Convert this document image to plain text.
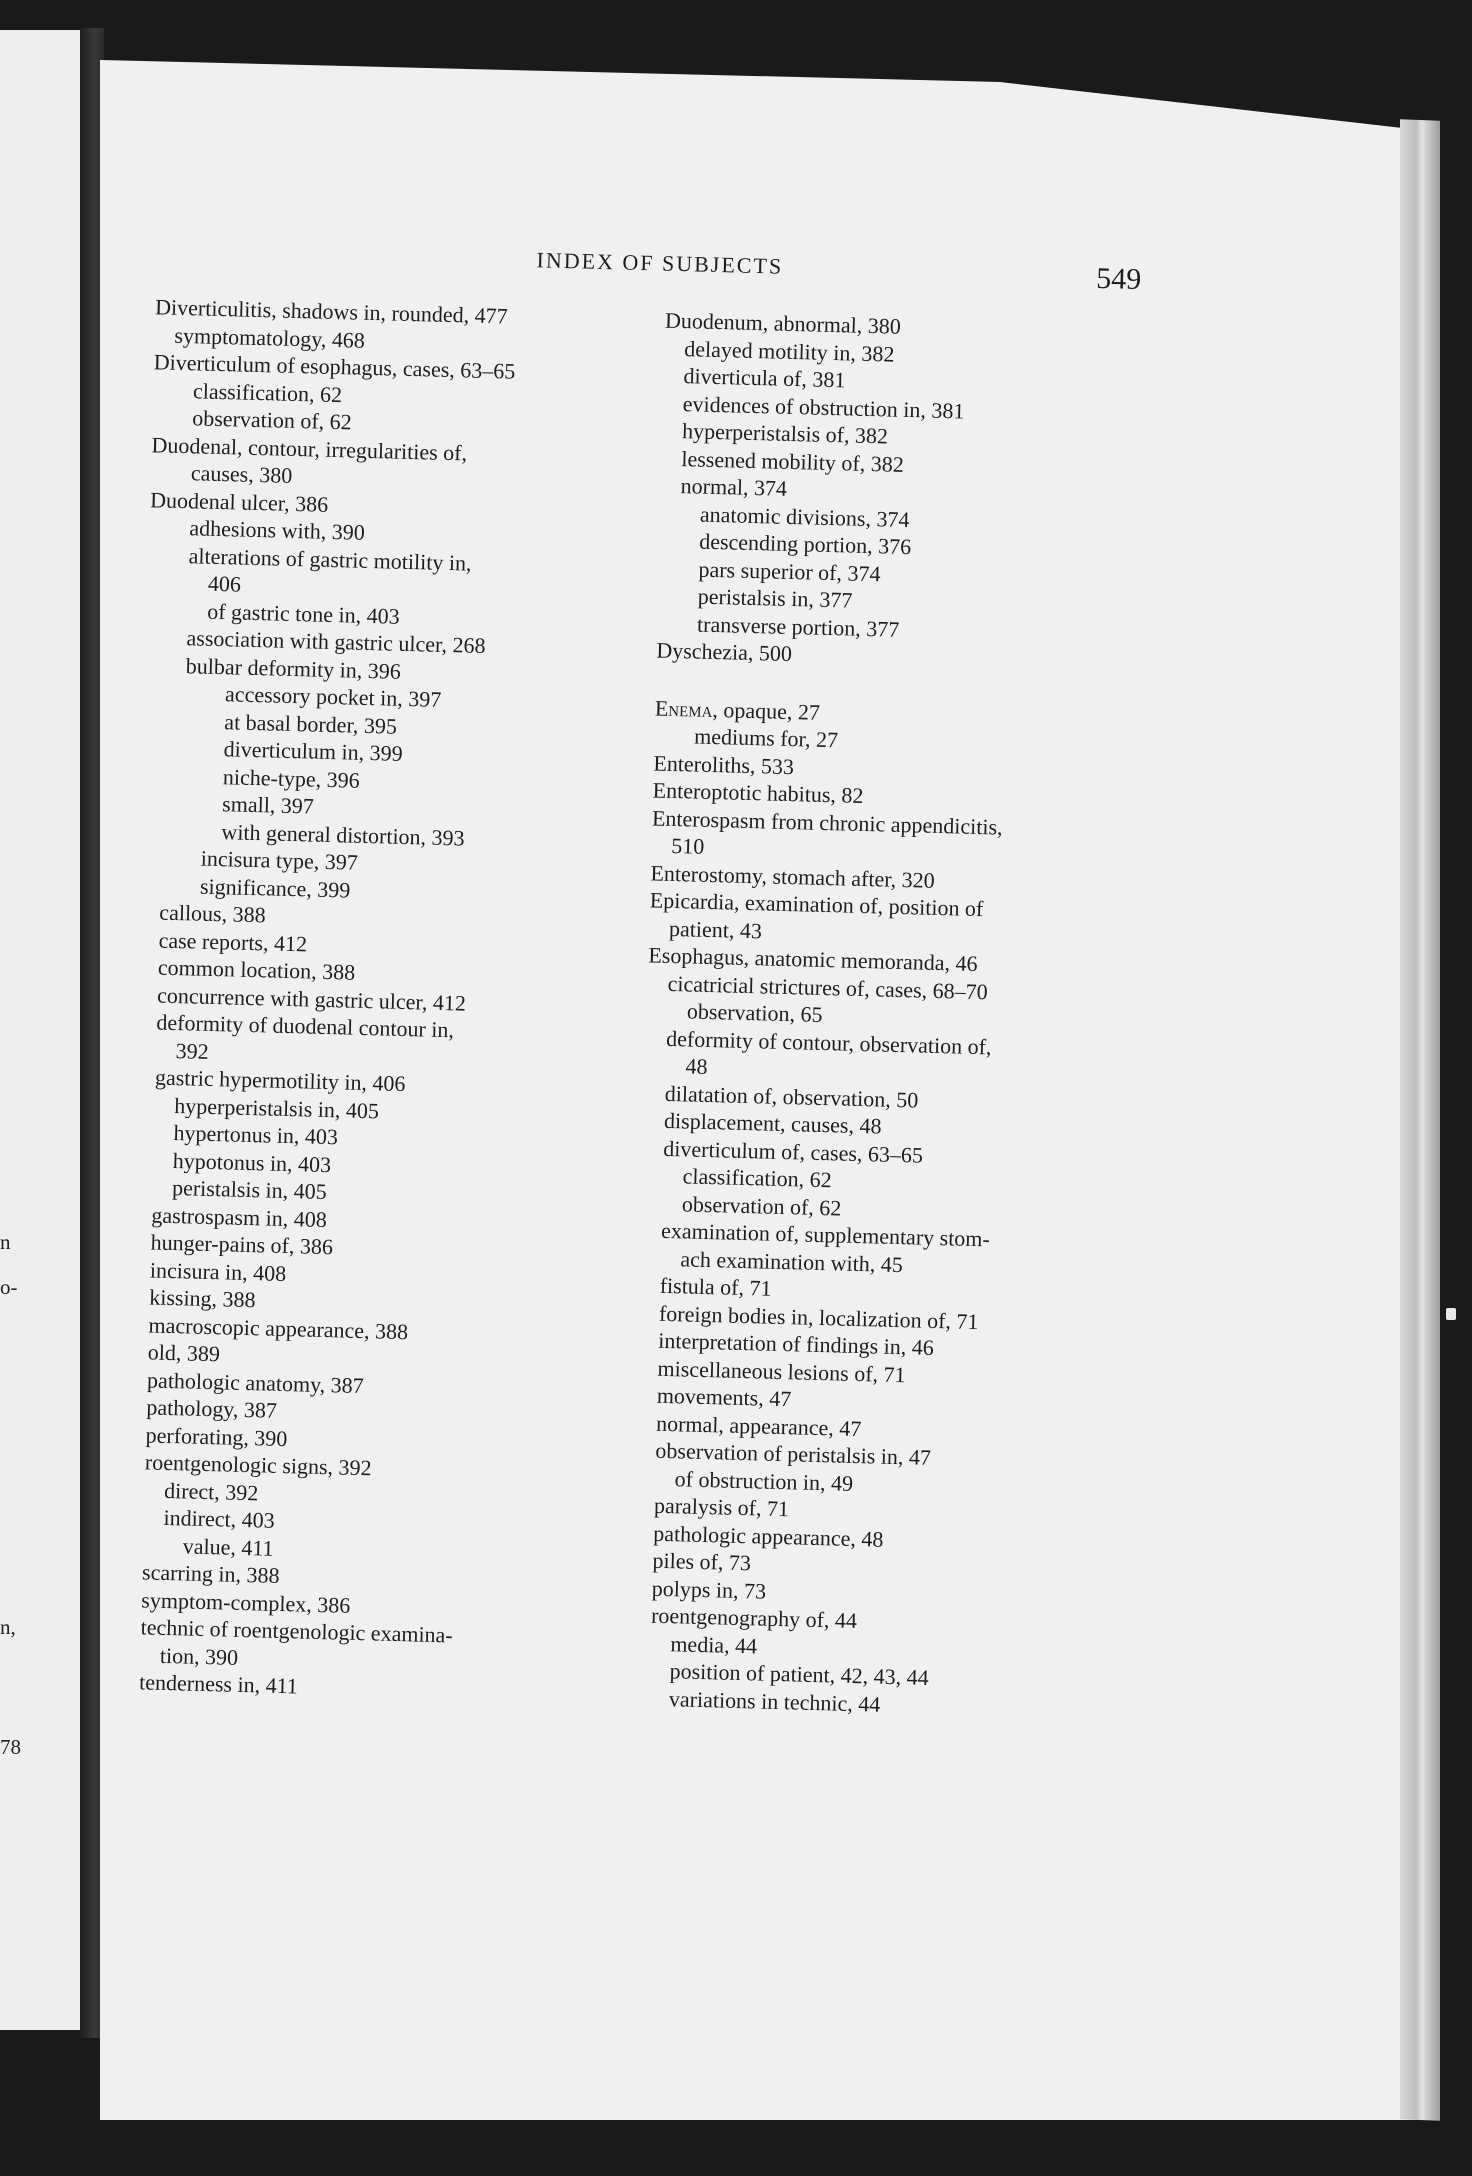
n
o-
n,
78
INDEX OF SUBJECTS	549
Diverticulitis, shadows in, rounded, 477
symptomatology, 468
Diverticulum of esophagus, cases, 63–65
classification, 62
observation of, 62
Duodenal, contour, irregularities of,
causes, 380
Duodenal ulcer, 386
adhesions with, 390
alterations of gastric motility in,
406
of gastric tone in, 403
association with gastric ulcer, 268
bulbar deformity in, 396
accessory pocket in, 397
at basal border, 395
diverticulum in, 399
niche-type, 396
small, 397
with general distortion, 393
incisura type, 397
significance, 399
callous, 388
case reports, 412
common location, 388
concurrence with gastric ulcer, 412
deformity of duodenal contour in,
392
gastric hypermotility in, 406
hyperperistalsis in, 405
hypertonus in, 403
hypotonus in, 403
peristalsis in, 405
gastrospasm in, 408
hunger-pains of, 386
incisura in, 408
kissing, 388
macroscopic appearance, 388
old, 389
pathologic anatomy, 387
pathology, 387
perforating, 390
roentgenologic signs, 392
direct, 392
indirect, 403
value, 411
scarring in, 388
symptom-complex, 386
technic of roentgenologic examina-
tion, 390
tenderness in, 411
Duodenum, abnormal, 380
delayed motility in, 382
diverticula of, 381
evidences of obstruction in, 381
hyperperistalsis of, 382
lessened mobility of, 382
normal, 374
anatomic divisions, 374
descending portion, 376
pars superior of, 374
peristalsis in, 377
transverse portion, 377
Dyschezia, 500
Enema, opaque, 27
mediums for, 27
Enteroliths, 533
Enteroptotic habitus, 82
Enterospasm from chronic appendicitis,
510
Enterostomy, stomach after, 320
Epicardia, examination of, position of
patient, 43
Esophagus, anatomic memoranda, 46
cicatricial strictures of, cases, 68–70
observation, 65
deformity of contour, observation of,
48
dilatation of, observation, 50
displacement, causes, 48
diverticulum of, cases, 63–65
classification, 62
observation of, 62
examination of, supplementary stom-
ach examination with, 45
fistula of, 71
foreign bodies in, localization of, 71
interpretation of findings in, 46
miscellaneous lesions of, 71
movements, 47
normal, appearance, 47
observation of peristalsis in, 47
of obstruction in, 49
paralysis of, 71
pathologic appearance, 48
piles of, 73
polyps in, 73
roentgenography of, 44
media, 44
position of patient, 42, 43, 44
variations in technic, 44
